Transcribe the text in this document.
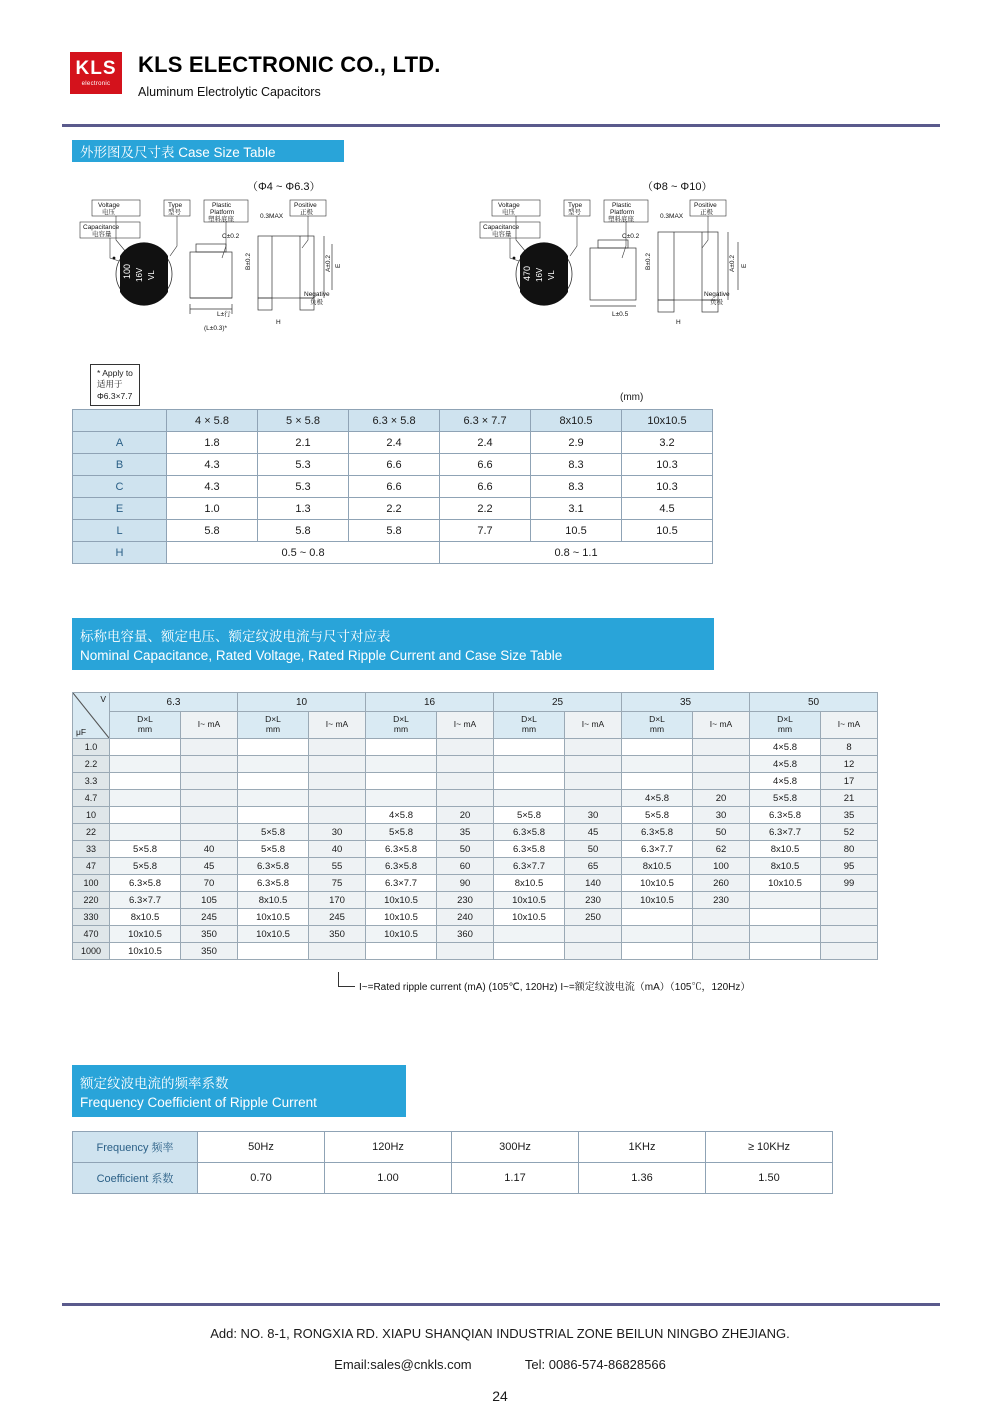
KLS
electronic
KLS ELECTRONIC CO., LTD.
Aluminum Electrolytic Capacitors
外形图及尺寸表 Case Size Table
（Φ4 ~ Φ6.3）	（Φ8 ~ Φ10）
Voltage
电压
Capacitance
电容量
Type
型号
Plastic
Platform
塑料底座
Positive
正极
0.3MAX
C±0.2
Negative
负极
L±行
(L±0.3)*
H
100 16V VL
B±0.2	A±0.2 E
* Apply to
适用于
Φ6.3×7.7
Voltage
电压
Capacitance
电容量
Type
型号
Plastic
Platform
塑料底座
Positive
正极
0.3MAX
C±0.2
Negative
负极
L±0.5
H
470 16V VL
B±0.2	A±0.2 E
(mm)
	4 × 5.8	5 × 5.8	6.3 × 5.8	6.3 × 7.7	8x10.5	10x10.5
A	1.8	2.1	2.4	2.4	2.9	3.2
B	4.3	5.3	6.6	6.6	8.3	10.3
C	4.3	5.3	6.6	6.6	8.3	10.3
E	1.0	1.3	2.2	2.2	3.1	4.5
L	5.8	5.8	5.8	7.7	10.5	10.5
H	0.5 ~ 0.8			0.8 ~ 1.1		
标称电容量、额定电压、额定纹波电流与尺寸对应表
Nominal Capacitance, Rated Voltage, Rated Ripple Current and Case Size Table
V
μF	6.3		10		16		25		35		50	
	D×L
mm	I~ mA	D×L
mm	I~ mA	D×L
mm	I~ mA	D×L
mm	I~ mA	D×L
mm	I~ mA	D×L
mm	I~ mA
1.0											4×5.8	8
2.2											4×5.8	12
3.3											4×5.8	17
4.7									4×5.8	20	5×5.8	21
10					4×5.8	20	5×5.8	30	5×5.8	30	6.3×5.8	35
22			5×5.8	30	5×5.8	35	6.3×5.8	45	6.3×5.8	50	6.3×7.7	52
33	5×5.8	40	5×5.8	40	6.3×5.8	50	6.3×5.8	50	6.3×7.7	62	8x10.5	80
47	5×5.8	45	6.3×5.8	55	6.3×5.8	60	6.3×7.7	65	8x10.5	100	8x10.5	95
100	6.3×5.8	70	6.3×5.8	75	6.3×7.7	90	8x10.5	140	10x10.5	260	10x10.5	99
220	6.3×7.7	105	8x10.5	170	10x10.5	230	10x10.5	230	10x10.5	230		
330	8x10.5	245	10x10.5	245	10x10.5	240	10x10.5	250				
470	10x10.5	350	10x10.5	350	10x10.5	360						
1000	10x10.5	350										
I~=Rated ripple current (mA) (105℃, 120Hz) I~=额定纹波电流（mA）（105℃，120Hz）
额定纹波电流的频率系数
Frequency Coefficient of Ripple Current
Frequency 频率	50Hz	120Hz	300Hz	1KHz	≥ 10KHz
Coefficient 系数	0.70	1.00	1.17	1.36	1.50
Add: NO. 8-1, RONGXIA RD. XIAPU SHANQIAN INDUSTRIAL ZONE BEILUN NINGBO ZHEJIANG.
Email:sales@cnkls.com	Tel: 0086-574-86828566
24
